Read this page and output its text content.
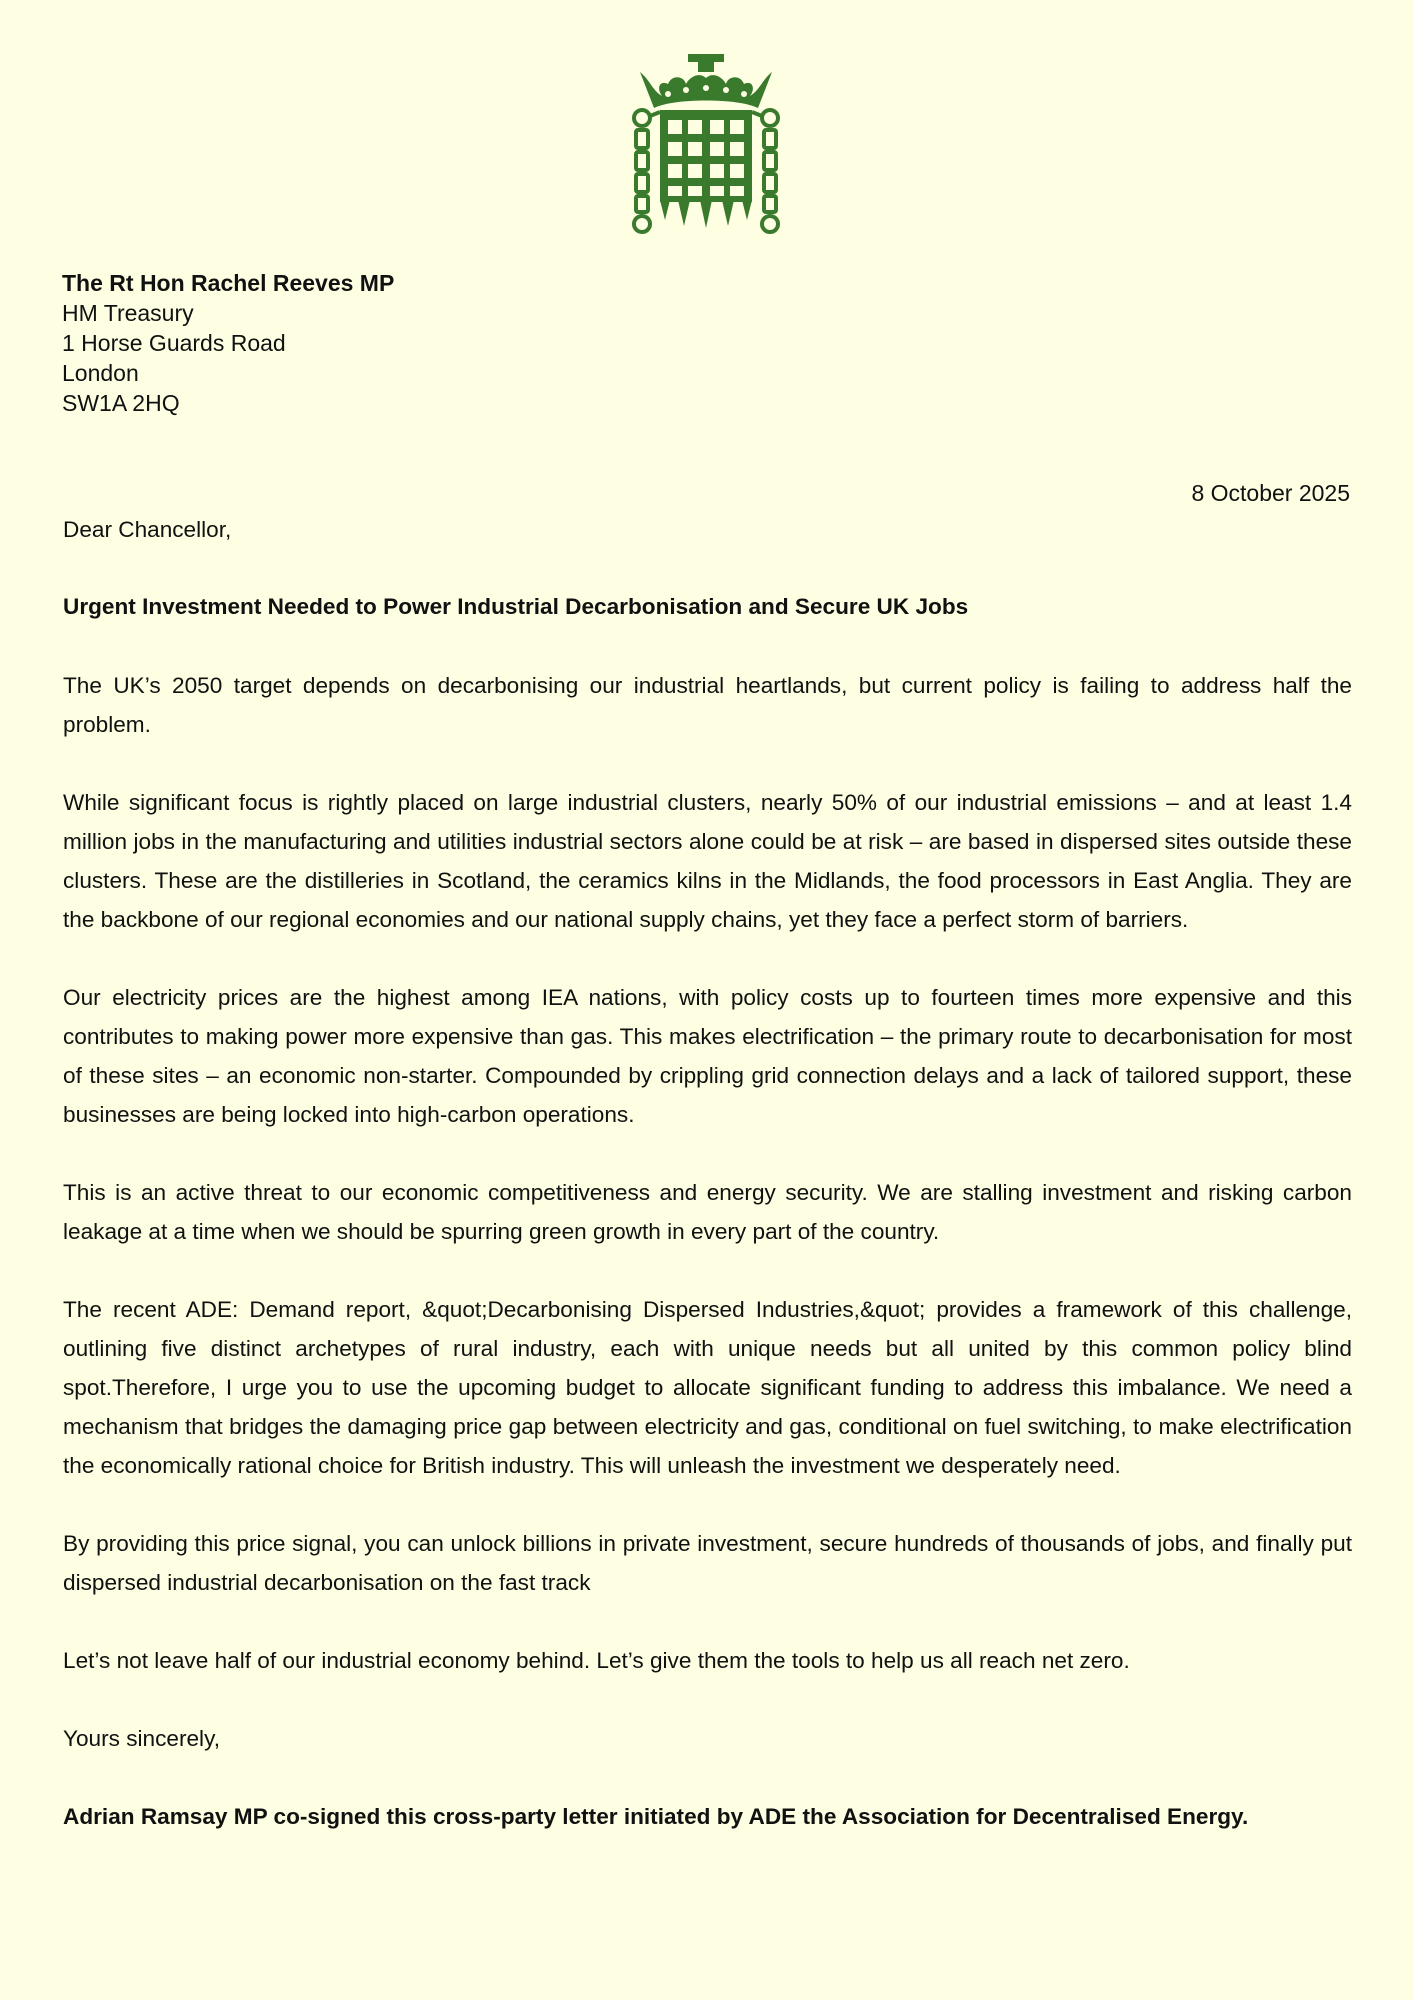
The Rt Hon Rachel Reeves MP
HM Treasury
1 Horse Guards Road
London
SW1A 2HQ
8 October 2025

Dear Chancellor,

Urgent Investment Needed to Power Industrial Decarbonisation and Secure UK Jobs

The UK’s 2050 target depends on decarbonising our industrial heartlands, but current policy is failing to address half the problem.

While significant focus is rightly placed on large industrial clusters, nearly 50% of our industrial emissions – and at least 1.4 million jobs in the manufacturing and utilities industrial sectors alone could be at risk – are based in dispersed sites outside these clusters. These are the distilleries in Scotland, the ceramics kilns in the Midlands, the food processors in East Anglia. They are the backbone of our regional economies and our national supply chains, yet they face a perfect storm of barriers.

Our electricity prices are the highest among IEA nations, with policy costs up to fourteen times more expensive and this contributes to making power more expensive than gas. This makes electrification – the primary route to decarbonisation for most of these sites – an economic non-starter. Compounded by crippling grid connection delays and a lack of tailored support, these businesses are being locked into high-carbon operations.

This is an active threat to our economic competitiveness and energy security. We are stalling investment and risking carbon leakage at a time when we should be spurring green growth in every part of the country.

The recent ADE: Demand report, &quot;Decarbonising Dispersed Industries,&quot; provides a framework of this challenge, outlining five distinct archetypes of rural industry, each with unique needs but all united by this common policy blind spot.Therefore, I urge you to use the upcoming budget to allocate significant funding to address this imbalance. We need a mechanism that bridges the damaging price gap between electricity and gas, conditional on fuel switching, to make electrification the economically rational choice for British industry. This will unleash the investment we desperately need.

By providing this price signal, you can unlock billions in private investment, secure hundreds of thousands of jobs, and finally put dispersed industrial decarbonisation on the fast track

Let’s not leave half of our industrial economy behind. Let’s give them the tools to help us all reach net zero.

Yours sincerely,

Adrian Ramsay MP co-signed this cross-party letter initiated by ADE the Association for Decentralised Energy.
